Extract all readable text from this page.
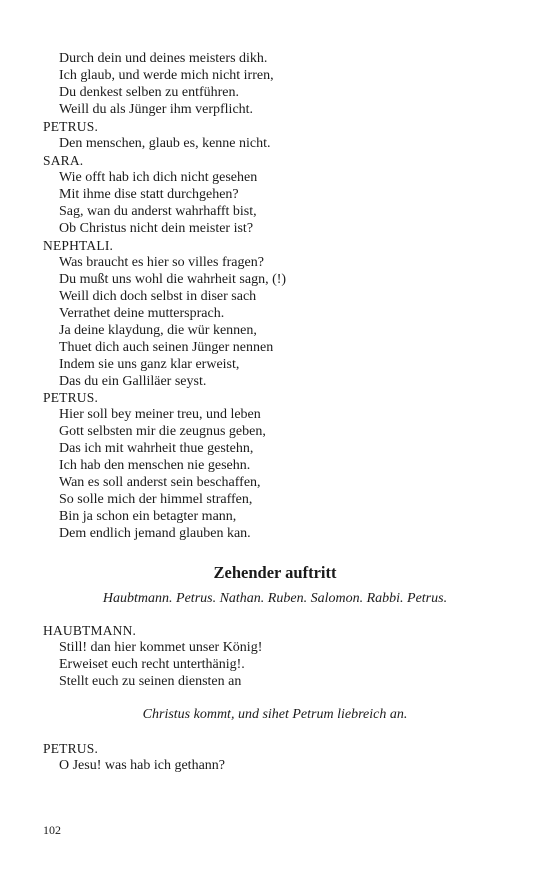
Durch dein und deines meisters dikh.
Ich glaub, und werde mich nicht irren,
Du denkest selben zu entführen.
Weill du als Jünger ihm verpflicht.
PETRUS.
Den menschen, glaub es, kenne nicht.
SARA.
Wie offt hab ich dich nicht gesehen
Mit ihme dise statt durchgehen?
Sag, wan du anderst wahrhafft bist,
Ob Christus nicht dein meister ist?
NEPHTALI.
Was braucht es hier so villes fragen?
Du mußt uns wohl die wahrheit sagn, (!)
Weill dich doch selbst in diser sach
Verrathet deine muttersprach.
Ja deine klaydung, die wür kennen,
Thuet dich auch seinen Jünger nennen
Indem sie uns ganz klar erweist,
Das du ein Galliläer seyst.
PETRUS.
Hier soll bey meiner treu, und leben
Gott selbsten mir die zeugnus geben,
Das ich mit wahrheit thue gestehn,
Ich hab den menschen nie gesehn.
Wan es soll anderst sein beschaffen,
So solle mich der himmel straffen,
Bin ja schon ein betagter mann,
Dem endlich jemand glauben kan.
Zehender auftritt
Haubtmann. Petrus. Nathan. Ruben. Salomon. Rabbi. Petrus.
HAUBTMANN.
Still! dan hier kommet unser König!
Erweiset euch recht unterthänig!.
Stellt euch zu seinen diensten an
Christus kommt, und sihet Petrum liebreich an.
PETRUS.
O Jesu! was hab ich gethann?
102
